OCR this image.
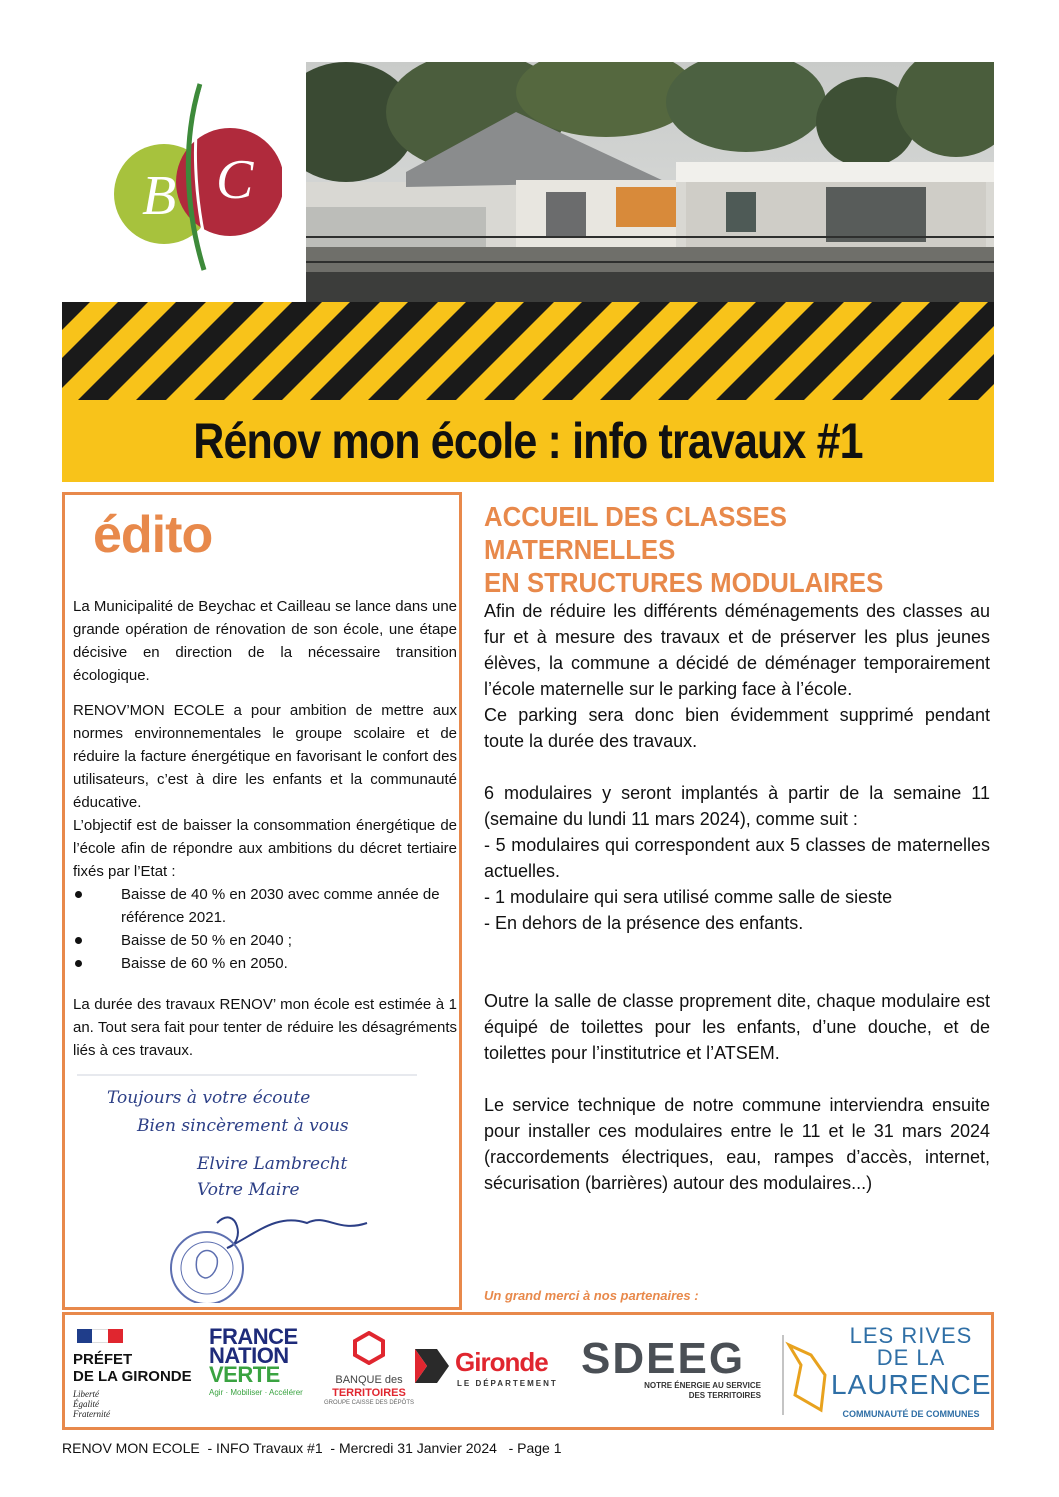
B C
Rénov mon école : info travaux #1
édito

La Municipalité de Beychac et Cailleau se lance dans une grande opération de rénovation de son école, une étape décisive en direction de la nécessaire transition écologique.

RENOV’MON ECOLE a pour ambition de mettre aux normes environnementales le groupe scolaire et de réduire la facture énergétique en favorisant le confort des utilisateurs, c’est à dire les enfants et la communauté éducative.

L’objectif est de baisser la consommation énergétique de l’école afin de répondre aux ambitions du décret tertiaire fixés par l’Etat :

Baisse de 40 % en 2030 avec comme année de référence 2021.
Baisse de 50 % en 2040 ;
Baisse de 60 % en 2050.

La durée des travaux RENOV’ mon école est estimée à 1 an. Tout sera fait pour tenter de réduire les désagréments liés à ces travaux.

Toujours à votre écoute
Bien sincèrement à vous
Elvire Lambrecht
Votre Maire
ACCUEIL DES CLASSES MATERNELLES
EN STRUCTURES MODULAIRES

Afin de réduire les différents déménagements des classes au fur et à mesure des travaux et de préserver les plus jeunes élèves, la commune a décidé de déménager temporairement l’école maternelle sur le parking face à l’école.

Ce parking sera donc bien évidemment supprimé pendant toute la durée des travaux.

6 modulaires y seront implantés à partir de la semaine 11 (semaine du lundi 11 mars 2024), comme suit :

- 5 modulaires qui correspondent aux 5 classes de maternelles actuelles.

- 1 modulaire qui sera utilisé comme salle de sieste

- En dehors de la présence des enfants.

Outre la salle de classe proprement dite, chaque modulaire est équipé de toilettes pour les enfants, d’une douche, et de toilettes pour l’institutrice et l’ATSEM.

Le service technique de notre commune interviendra ensuite pour installer ces modulaires entre le 11 et le 31 mars 2024 (raccordements électriques, eau, rampes d’accès, internet, sécurisation (barrières) autour des modulaires...)

Un grand merci à nos partenaires :
PRÉFET
DE LA GIRONDE
Liberté
Égalité
Fraternité
FRANCE
NATION
VERTE
Agir · Mobiliser · Accélérer
BANQUE des
TERRITOIRES
GROUPE CAISSE DES DÉPÔTS
Gironde
LE DÉPARTEMENT
SDEEG
NOTRE ÉNERGIE AU SERVICE
DES TERRITOIRES
LES RIVES
DE LA
LAURENCE
COMMUNAUTÉ DE COMMUNES
RENOV MON ECOLE  - INFO Travaux #1  - Mercredi 31 Janvier 2024   - Page 1
